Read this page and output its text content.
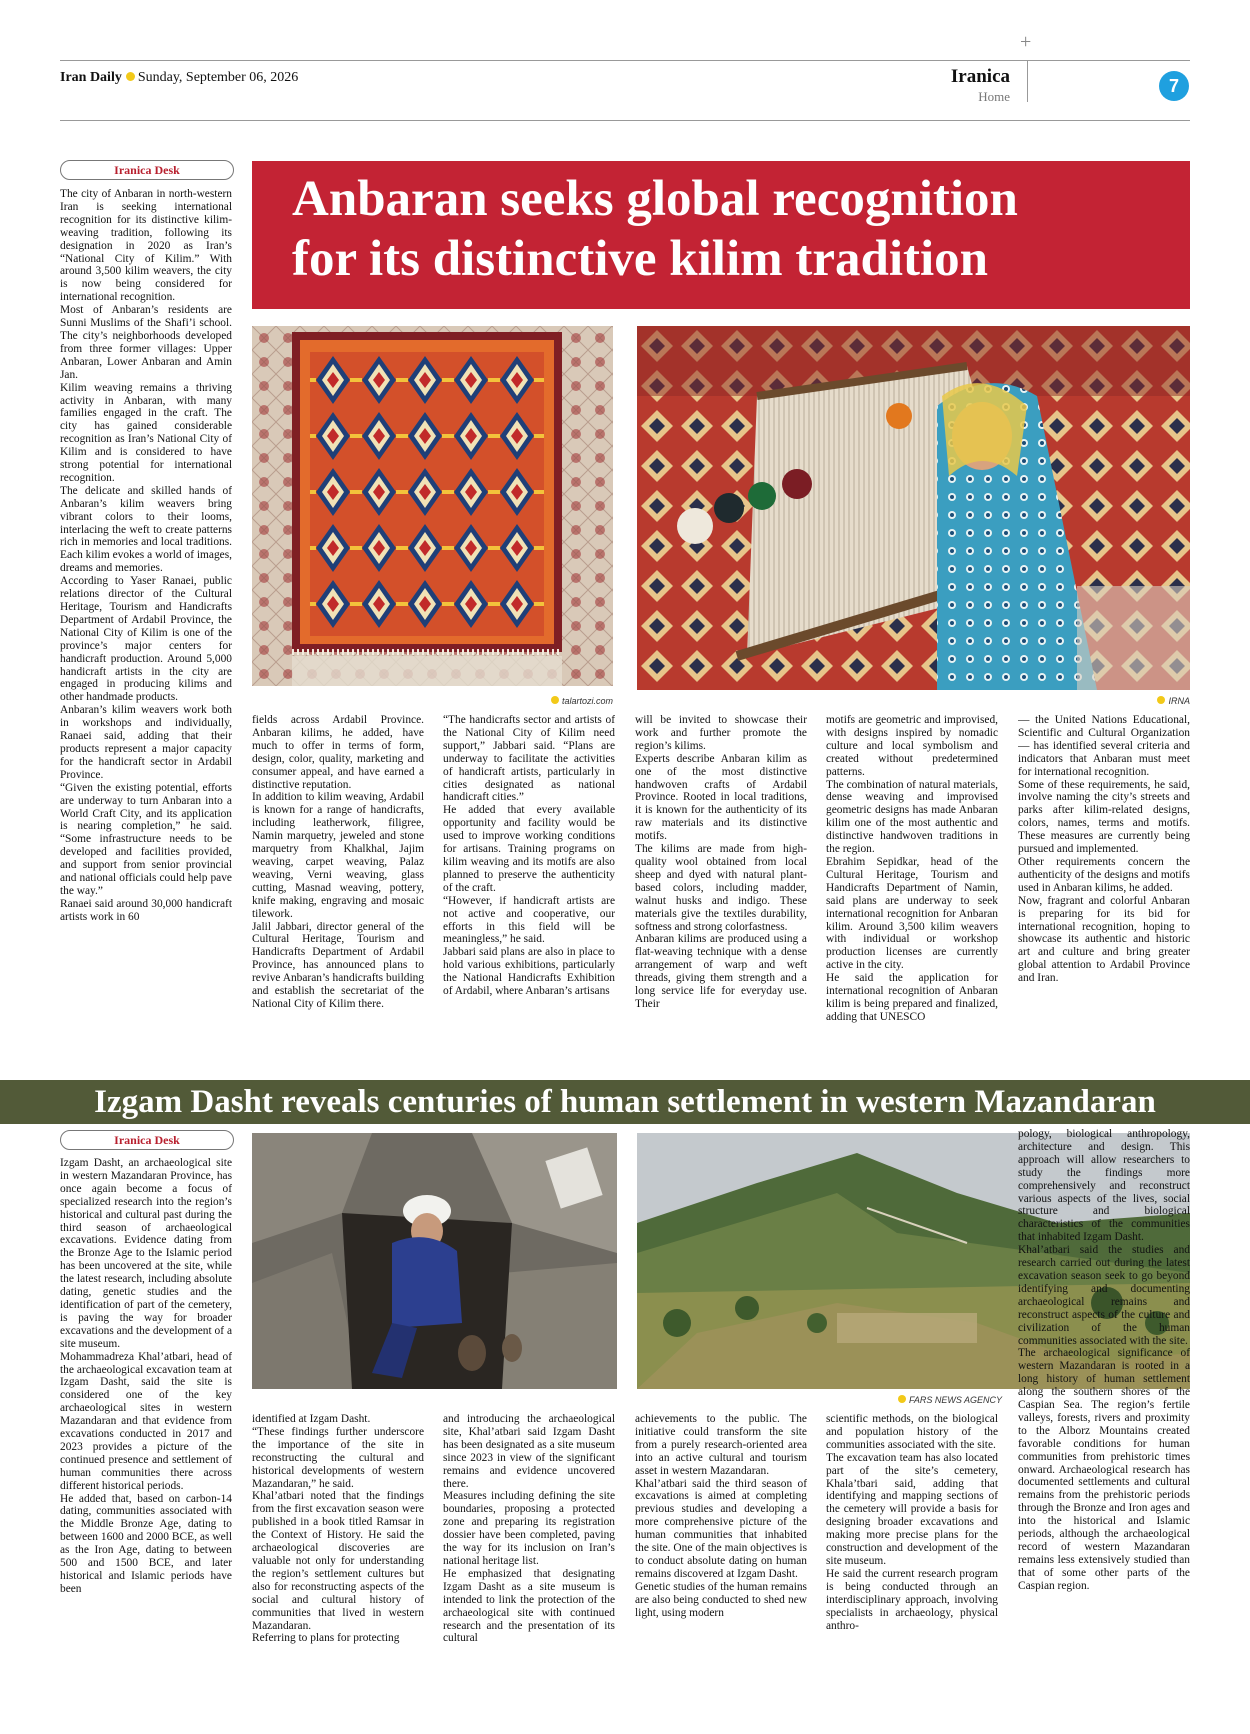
+
Iran Daily Sunday, September 06, 2026	Iranica
Home
7
Iranica Desk
Anbaran seeks global recognition
for its distinctive kilim tradition
talartozi.com	IRNA

The city of Anbaran in north-western Iran is seeking international recognition for its distinctive kilim-weaving tradition, following its designation in 2020 as Iran’s “National City of Kilim.” With around 3,500 kilim weavers, the city is now being considered for international recognition.

Most of Anbaran’s residents are Sunni Muslims of the Shafi’i school. The city’s neighborhoods developed from three former villages: Upper Anbaran, Lower Anbaran and Amin Jan.

Kilim weaving remains a thriving activity in Anbaran, with many families engaged in the craft. The city has gained considerable recognition as Iran’s National City of Kilim and is considered to have strong potential for international recognition.

The delicate and skilled hands of Anbaran’s kilim weavers bring vibrant colors to their looms, interlacing the weft to create patterns rich in memories and local traditions. Each kilim evokes a world of images, dreams and memories.

According to Yaser Ranaei, public relations director of the Cultural Heritage, Tourism and Handicrafts Department of Ardabil Province, the National City of Kilim is one of the province’s major centers for handicraft production. Around 5,000 handicraft artists in the city are engaged in producing kilims and other handmade products.

Anbaran’s kilim weavers work both in workshops and individually, Ranaei said, adding that their products represent a major capacity for the handicraft sector in Ardabil Province.

“Given the existing potential, efforts are underway to turn Anbaran into a World Craft City, and its application is nearing completion,” he said. “Some infrastructure needs to be developed and facilities provided, and support from senior provincial and national officials could help pave the way.”

Ranaei said around 30,000 handicraft artists work in 60

fields across Ardabil Province. Anbaran kilims, he added, have much to offer in terms of form, design, color, quality, marketing and consumer appeal, and have earned a distinctive reputation.

In addition to kilim weaving, Ardabil is known for a range of handicrafts, including leatherwork, filigree, Namin marquetry, jeweled and stone marquetry from Khalkhal, Jajim weaving, carpet weaving, Palaz weaving, Verni weaving, glass cutting, Masnad weaving, pottery, knife making, engraving and mosaic tilework.

Jalil Jabbari, director general of the Cultural Heritage, Tourism and Handicrafts Department of Ardabil Province, has announced plans to revive Anbaran’s handicrafts building and establish the secretariat of the National City of Kilim there.

“The handicrafts sector and artists of the National City of Kilim need support,” Jabbari said. “Plans are underway to facilitate the activities of handicraft artists, particularly in cities designated as national handicraft cities.”

He added that every available opportunity and facility would be used to improve working conditions for artisans. Training programs on kilim weaving and its motifs are also planned to preserve the authenticity of the craft.

“However, if handicraft artists are not active and cooperative, our efforts in this field will be meaningless,” he said.

Jabbari said plans are also in place to hold various exhibitions, particularly the National Handicrafts Exhibition of Ardabil, where Anbaran’s artisans

will be invited to showcase their work and further promote the region’s kilims.

Experts describe Anbaran kilim as one of the most distinctive handwoven crafts of Ardabil Province. Rooted in local traditions, it is known for the authenticity of its raw materials and its distinctive motifs.

The kilims are made from high-quality wool obtained from local sheep and dyed with natural plant-based colors, including madder, walnut husks and indigo. These materials give the textiles durability, softness and strong colorfastness.

Anbaran kilims are produced using a flat-weaving technique with a dense arrangement of warp and weft threads, giving them strength and a long service life for everyday use. Their

motifs are geometric and improvised, with designs inspired by nomadic culture and local symbolism and created without predetermined patterns.

The combination of natural materials, dense weaving and improvised geometric designs has made Anbaran kilim one of the most authentic and distinctive handwoven traditions in the region.

Ebrahim Sepidkar, head of the Cultural Heritage, Tourism and Handicrafts Department of Namin, said plans are underway to seek international recognition for Anbaran kilim. Around 3,500 kilim weavers with individual or workshop production licenses are currently active in the city.

He said the application for international recognition of Anbaran kilim is being prepared and finalized, adding that UNESCO

— the United Nations Educational, Scientific and Cultural Organization — has identified several criteria and indicators that Anbaran must meet for international recognition.

Some of these requirements, he said, involve naming the city’s streets and parks after kilim-related designs, colors, names, terms and motifs. These measures are currently being pursued and implemented.

Other requirements concern the authenticity of the designs and motifs used in Anbaran kilims, he added.

Now, fragrant and colorful Anbaran is preparing for its bid for international recognition, hoping to showcase its authentic and historic art and culture and bring greater global attention to Ardabil Province and Iran.

Izgam Dasht reveals centuries of human settlement in western Mazandaran
Iranica Desk
FARS NEWS AGENCY

Izgam Dasht, an archaeological site in western Mazandaran Province, has once again become a focus of specialized research into the region’s historical and cultural past during the third season of archaeological excavations. Evidence dating from the Bronze Age to the Islamic period has been uncovered at the site, while the latest research, including absolute dating, genetic studies and the identification of part of the cemetery, is paving the way for broader excavations and the development of a site museum.

Mohammadreza Khal’atbari, head of the archaeological excavation team at Izgam Dasht, said the site is considered one of the key archaeological sites in western Mazandaran and that evidence from excavations conducted in 2017 and 2023 provides a picture of the continued presence and settlement of human communities there across different historical periods.

He added that, based on carbon-14 dating, communities associated with the Middle Bronze Age, dating to between 1600 and 2000 BCE, as well as the Iron Age, dating to between 500 and 1500 BCE, and later historical and Islamic periods have been

identified at Izgam Dasht.

“These findings further underscore the importance of the site in reconstructing the cultural and historical developments of western Mazandaran,” he said.

Khal’atbari noted that the findings from the first excavation season were published in a book titled Ramsar in the Context of History. He said the archaeological discoveries are valuable not only for understanding the region’s settlement cultures but also for reconstructing aspects of the social and cultural history of communities that lived in western Mazandaran.

Referring to plans for protecting

and introducing the archaeological site, Khal’atbari said Izgam Dasht has been designated as a site museum since 2023 in view of the significant remains and evidence uncovered there.

Measures including defining the site boundaries, proposing a protected zone and preparing its registration dossier have been completed, paving the way for its inclusion on Iran’s national heritage list.

He emphasized that designating Izgam Dasht as a site museum is intended to link the protection of the archaeological site with continued research and the presentation of its cultural

achievements to the public. The initiative could transform the site from a purely research-oriented area into an active cultural and tourism asset in western Mazandaran.

Khal’atbari said the third season of excavations is aimed at completing previous studies and developing a more comprehensive picture of the human communities that inhabited the site. One of the main objectives is to conduct absolute dating on human remains discovered at Izgam Dasht.

Genetic studies of the human remains are also being conducted to shed new light, using modern

scientific methods, on the biological and population history of the communities associated with the site.

The excavation team has also located part of the site’s cemetery, Khala’tbari said, adding that identifying and mapping sections of the cemetery will provide a basis for designing broader excavations and making more precise plans for the construction and development of the site museum.

He said the current research program is being conducted through an interdisciplinary approach, involving specialists in archaeology, physical anthro-

pology, biological anthropology, architecture and design. This approach will allow researchers to study the findings more comprehensively and reconstruct various aspects of the lives, social structure and biological characteristics of the communities that inhabited Izgam Dasht.

Khal’atbari said the studies and research carried out during the latest excavation season seek to go beyond identifying and documenting archaeological remains and reconstruct aspects of the culture and civilization of the human communities associated with the site.

The archaeological significance of western Mazandaran is rooted in a long history of human settlement along the southern shores of the Caspian Sea. The region’s fertile valleys, forests, rivers and proximity to the Alborz Mountains created favorable conditions for human communities from prehistoric times onward. Archaeological research has documented settlements and cultural remains from the prehistoric periods through the Bronze and Iron ages and into the historical and Islamic periods, although the archaeological record of western Mazandaran remains less extensively studied than that of some other parts of the Caspian region.
